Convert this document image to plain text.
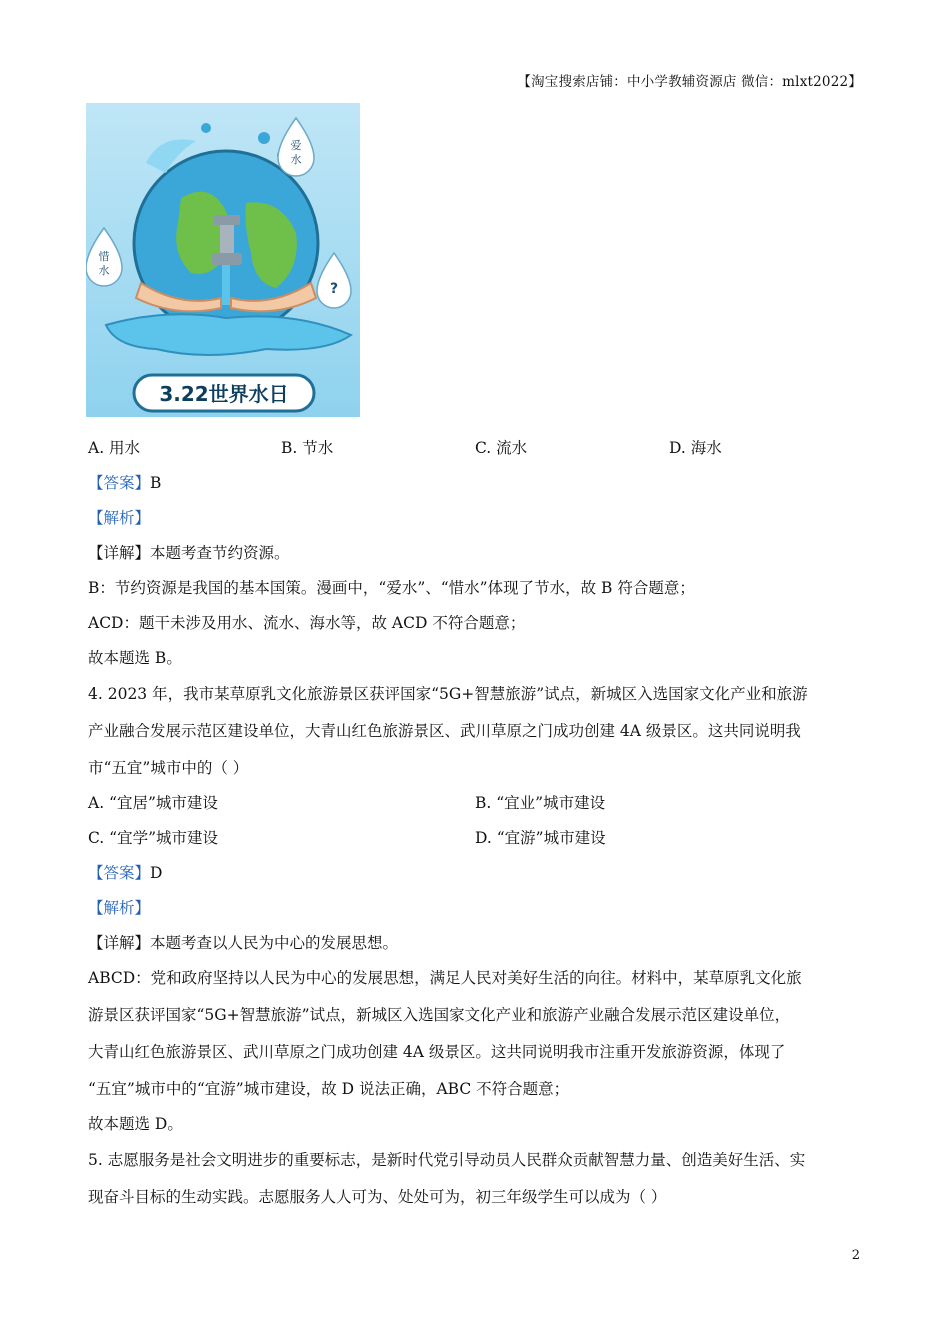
【淘宝搜索店铺：中小学教辅资源店 微信：mlxt2022】
爱
水
惜
水
?
3.22世界水日
A. 用水	B. 节水	C. 流水	D. 海水
【答案】B
【解析】
【详解】本题考查节约资源。
B：节约资源是我国的基本国策。漫画中，“爱水”、“惜水”体现了节水，故 B 符合题意；
ACD：题干未涉及用水、流水、海水等，故 ACD 不符合题意；
故本题选 B。
4. 2023 年，我市某草原乳文化旅游景区获评国家“5G+智慧旅游”试点，新城区入选国家文化产业和旅游
产业融合发展示范区建设单位，大青山红色旅游景区、武川草原之门成功创建 4A 级景区。这共同说明我
市“五宜”城市中的（ ）
A. “宜居”城市建设	B. “宜业”城市建设
C. “宜学”城市建设	D. “宜游”城市建设
【答案】D
【解析】
【详解】本题考查以人民为中心的发展思想。
ABCD：党和政府坚持以人民为中心的发展思想，满足人民对美好生活的向往。材料中，某草原乳文化旅
游景区获评国家“5G+智慧旅游”试点，新城区入选国家文化产业和旅游产业融合发展示范区建设单位，
大青山红色旅游景区、武川草原之门成功创建 4A 级景区。这共同说明我市注重开发旅游资源，体现了
“五宜”城市中的“宜游”城市建设，故 D 说法正确，ABC 不符合题意；
故本题选 D。
5. 志愿服务是社会文明进步的重要标志，是新时代党引导动员人民群众贡献智慧力量、创造美好生活、实
现奋斗目标的生动实践。志愿服务人人可为、处处可为，初三年级学生可以成为（ ）
2
